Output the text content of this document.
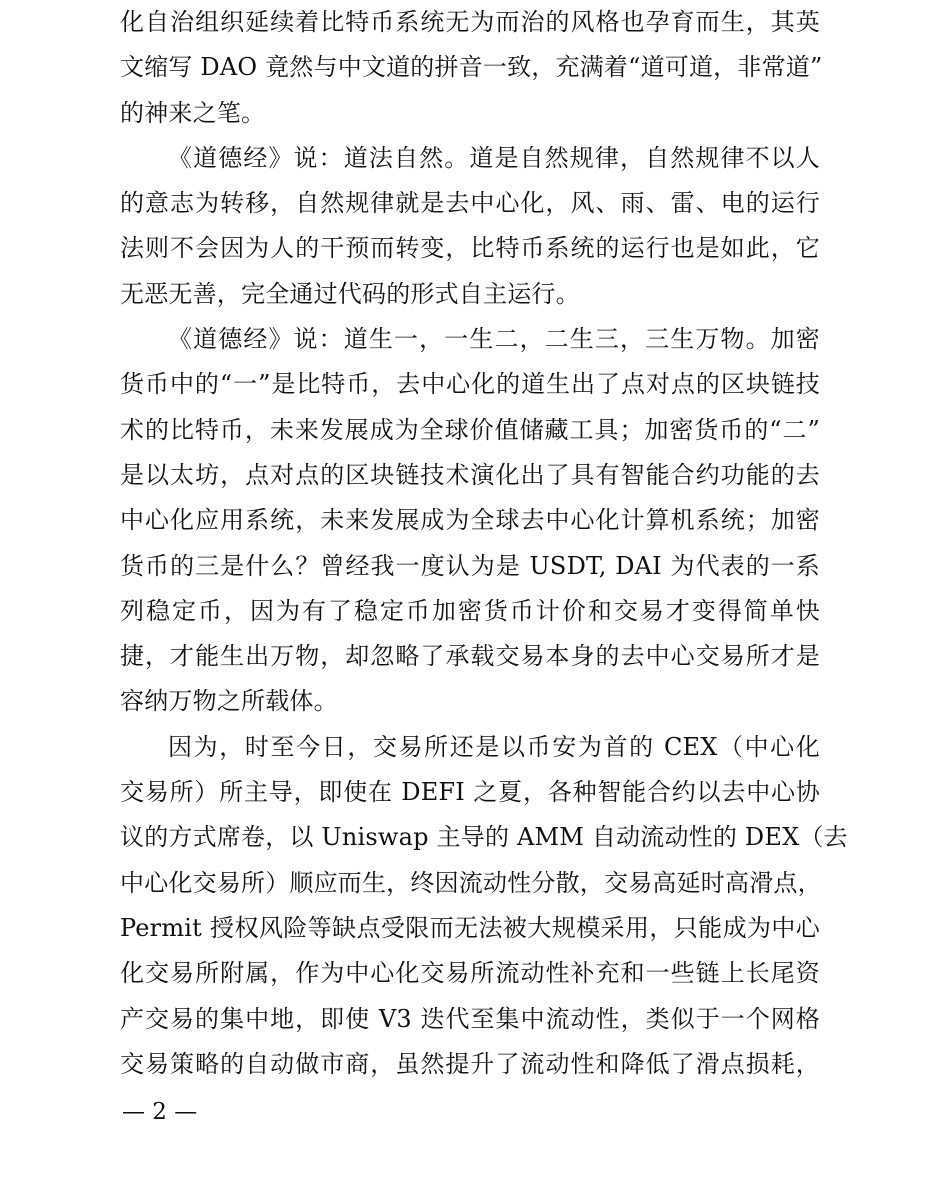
化自治组织延续着比特币系统无为而治的风格也孕育而生，其英
文缩写 DAO 竟然与中文道的拼音一致，充满着“道可道，非常道”
的神来之笔。
《道德经》说：道法自然。道是自然规律，自然规律不以人
的意志为转移，自然规律就是去中心化，风、雨、雷、电的运行
法则不会因为人的干预而转变，比特币系统的运行也是如此，它
无恶无善，完全通过代码的形式自主运行。
《道德经》说：道生一，一生二，二生三，三生万物。加密
货币中的“一”是比特币，去中心化的道生出了点对点的区块链技
术的比特币，未来发展成为全球价值储藏工具；加密货币的“二”
是以太坊，点对点的区块链技术演化出了具有智能合约功能的去
中心化应用系统，未来发展成为全球去中心化计算机系统；加密
货币的三是什么？曾经我一度认为是 USDT, DAI 为代表的一系
列稳定币，因为有了稳定币加密货币计价和交易才变得简单快
捷，才能生出万物，却忽略了承载交易本身的去中心交易所才是
容纳万物之所载体。
因为，时至今日，交易所还是以币安为首的 CEX（中心化
交易所）所主导，即使在 DEFI 之夏，各种智能合约以去中心协
议的方式席卷，以 Uniswap 主导的 AMM 自动流动性的 DEX（去
中心化交易所）顺应而生，终因流动性分散，交易高延时高滑点，
Permit 授权风险等缺点受限而无法被大规模采用，只能成为中心
化交易所附属，作为中心化交易所流动性补充和一些链上长尾资
产交易的集中地，即使 V3 迭代至集中流动性，类似于一个网格
交易策略的自动做市商，虽然提升了流动性和降低了滑点损耗，
— 2 —
